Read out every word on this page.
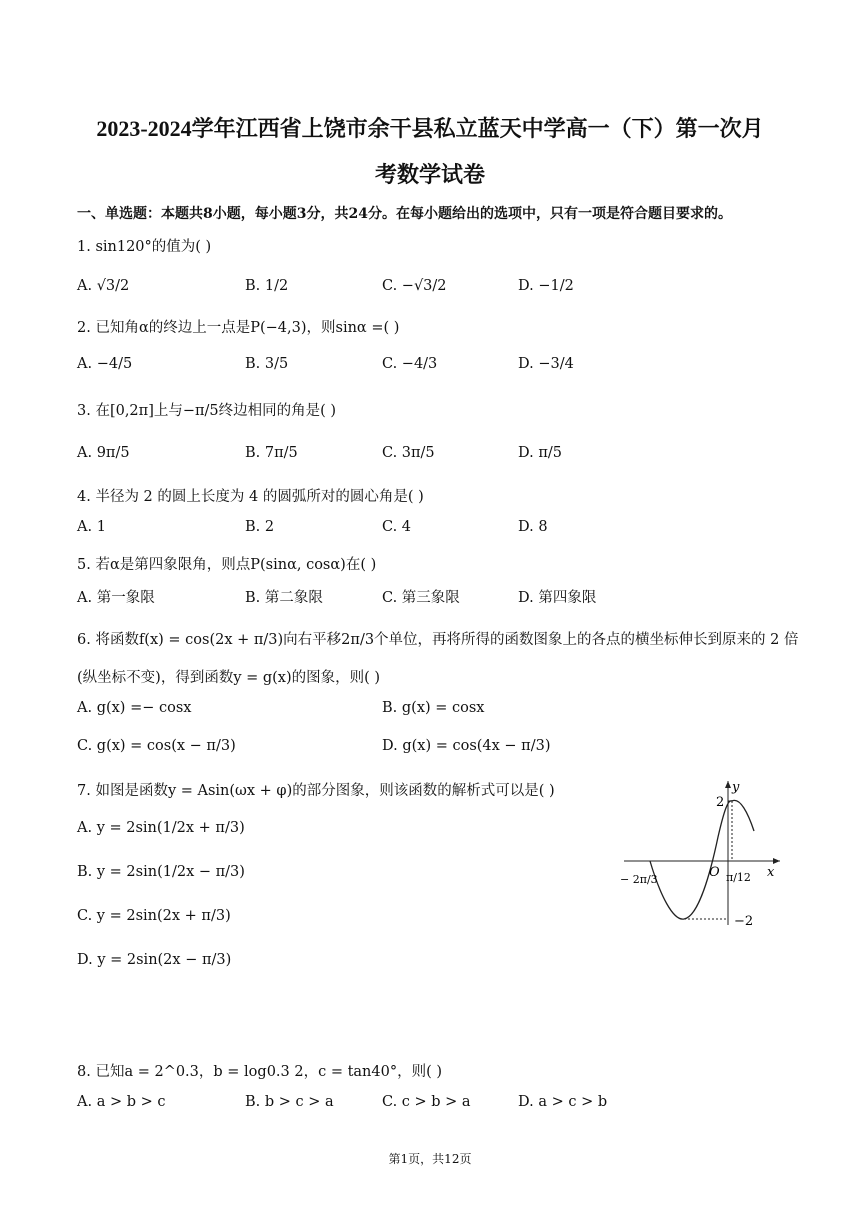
2023-2024学年江西省上饶市余干县私立蓝天中学高一（下）第一次月
考数学试卷
一、单选题：本题共8小题，每小题3分，共24分。在每小题给出的选项中，只有一项是符合题目要求的。
1. sin120°的值为( )
A. √3/2	B. 1/2	C. −√3/2	D. −1/2
2. 已知角α的终边上一点是P(−4,3)，则sinα =( )
A. −4/5	B. 3/5	C. −4/3	D. −3/4
3. 在[0,2π]上与−π/5终边相同的角是( )
A. 9π/5	B. 7π/5	C. 3π/5	D. π/5
4. 半径为 2 的圆上长度为 4 的圆弧所对的圆心角是( )
A. 1	B. 2	C. 4	D. 8
5. 若α是第四象限角，则点P(sinα, cosα)在( )
A. 第一象限	B. 第二象限	C. 第三象限	D. 第四象限
6. 将函数f(x) = cos(2x + π/3)向右平移2π/3个单位，再将所得的函数图象上的各点的横坐标伸长到原来的 2 倍
(纵坐标不变)，得到函数y = g(x)的图象，则( )
A. g(x) =− cosx	B. g(x) = cosx
C. g(x) = cos(x − π/3)	D. g(x) = cos(4x − π/3)
7. 如图是函数y = Asin(ωx + φ)的部分图象，则该函数的解析式可以是( )
A. y = 2sin(1/2x + π/3)
B. y = 2sin(1/2x − π/3)
C. y = 2sin(2x + π/3)
D. y = 2sin(2x − π/3)
2
y
x
O
−2
− 2π/3	π/12
8. 已知a = 2^0.3，b = log0.3 2，c = tan40°，则( )
A. a > b > c	B. b > c > a	C. c > b > a	D. a > c > b
第1页，共12页
